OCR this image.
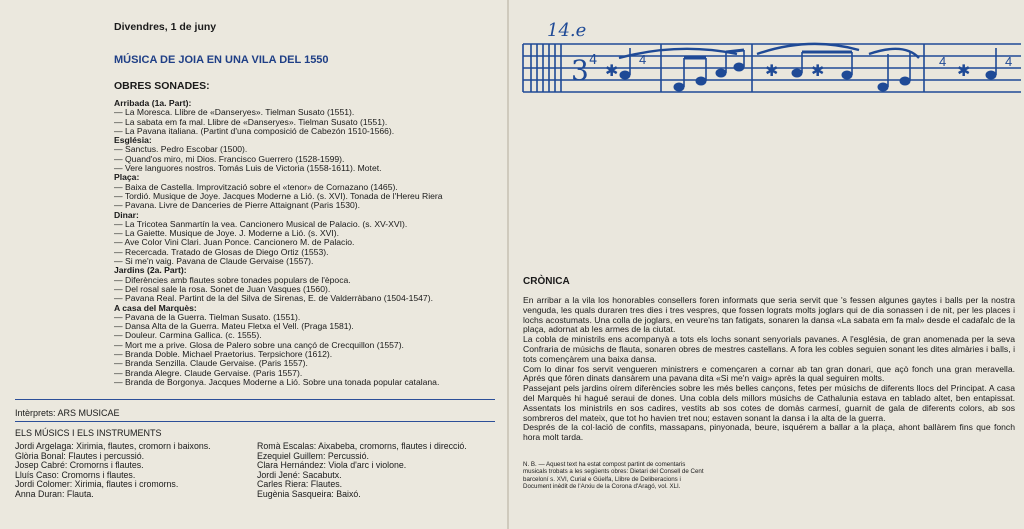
Divendres, 1 de juny
MÚSICA DE JOIA EN UNA VILA DEL 1550
OBRES SONADES:
Arribada (1a. Part):
— La Moresca. Llibre de «Danseryes». Tielman Susato (1551).
— La sabata em fa mal. Llibre de «Danseryes». Tielman Susato (1551).
— La Pavana italiana. (Partint d'una composició de Cabezón 1510-1566).
Església:
— Sanctus. Pedro Escobar (1500).
— Quand'os miro, mi Dios. Francisco Guerrero (1528-1599).
— Vere languores nostros. Tomás Luis de Victoria (1558-1611). Motet.
Plaça:
— Baixa de Castella. Improvització sobre el «tenor» de Cornazano (1465).
— Tordió. Musique de Joye. Jacques Moderne a Lió. (s. XVI). Tonada de l'Hereu Riera
— Pavana. Livre de Danceries de Pierre Attaignant (Paris 1530).
Dinar:
— La Tricotea Sanmartín la vea. Cancionero Musical de Palacio. (s. XV-XVI).
— La Gaiette. Musique de Joye. J. Moderne a Lió. (s. XVI).
— Ave Color Vini Clari. Juan Ponce. Cancionero M. de Palacio.
— Recercada. Tratado de Glosas de Diego Ortiz (1553).
— Si me'n vaig. Pavana de Claude Gervaise (1557).
Jardins (2a. Part):
— Diferències amb flautes sobre tonades populars de l'època.
— Del rosal sale la rosa. Sonet de Juan Vasques (1560).
— Pavana Real. Partint de la del Silva de Sirenas, E. de Valderràbano (1504-1547).
A casa del Marquès:
— Pavana de la Guerra. Tielman Susato. (1551).
— Dansa Alta de la Guerra. Mateu Fletxa el Vell. (Praga 1581).
— Douleur. Carmina Gallica. (c. 1555).
— Mort me a prive. Glosa de Palero sobre una cançó de Crecquillon (1557).
— Branda Doble. Michael Praetorius. Terpsichore (1612).
— Branda Senzilla. Claude Gervaise. (Paris 1557).
— Branda Alegre. Claude Gervaise. (Paris 1557).
— Branda de Borgonya. Jacques Moderne a Lió. Sobre una tonada popular catalana.
Intèrprets: ARS MUSICAE
ELS MÚSICS I ELS INSTRUMENTS
Jordi Argelaga: Xirimia, flautes, cromorn i baixons.
Glòria Bonal: Flautes i percussió.
Josep Cabré: Cromorns i flautes.
Lluís Caso: Cromorns i flautes.
Jordi Colomer: Xirimia, flautes i cromorns.
Anna Duran: Flauta.
Romà Escalas: Aixabeba, cromorns, flautes i direcció.
Ezequiel Guillem: Percussió.
Clara Hernández: Viola d'arc i violone.
Jordi Jené: Sacabutx.
Carles Riera: Flautes.
Eugènia Sasqueira: Baixó.
3 4
✱
4
✱ ✱
4
✱
4
14.e
CRÒNICA

En arribar a la vila los honorables consellers foren informats que seria servit que 's fessen algunes gaytes i balls per la nostra venguda, les quals duraren tres dies i tres vespres, que fossen lograts molts joglars qui de dia sonassen i de nit, per les places i lochs acostumats. Una colla de joglars, en veure'ns tan fatigats, sonaren la dansa «La sabata em fa mal» desde el cadafalc de la plaça, adornat ab les armes de la ciutat.

La cobla de ministrils ens acompanyà a tots els lochs sonant senyorials pavanes. A l'església, de gran anomenada per la seva Confraria de músichs de flauta, sonaren obres de mestres castellans. A fora les cobles seguien sonant les dites almàries i balls, i tots començàrem una baixa dansa.

Com lo dinar fos servit vengueren ministrers e començaren a cornar ab tan gran donari, que açò fonch una gran meravella. Aprés que fóren dinats dansàrem una pavana dita «Si me'n vaig» après la qual seguiren molts.

Passejant pels jardins oírem diferències sobre les més belles cançons, fetes per músichs de diferents llocs del Principat. A casa del Marquès hi hagué seraui de dones. Una cobla dels millors músichs de Cathalunia estava en tablado altet, ben entapissat. Assentats los ministrils en sos cadires, vestits ab sos cotes de domàs carmesí, guarnit de gala de diferents colors, ab sos sombreros del mateix, que tot ho havien tret nou; estaven sonant la dansa i la alta de la guerra.

Després de la col·lació de confits, massapans, pinyonada, beure, isquérem a ballar a la plaça, ahont ballàrem fins que fonch hora molt tarda.

N. B. — Aquest text ha estat compost partint de comentaris

musicals trobats a les següents obres: Dietari del Consell de Cent

barceloní s. XVI, Curial e Güelfa, Llibre de Deliberacions i

Document inèdit de l'Arxiu de la Corona d'Aragó, vol. XLI.
